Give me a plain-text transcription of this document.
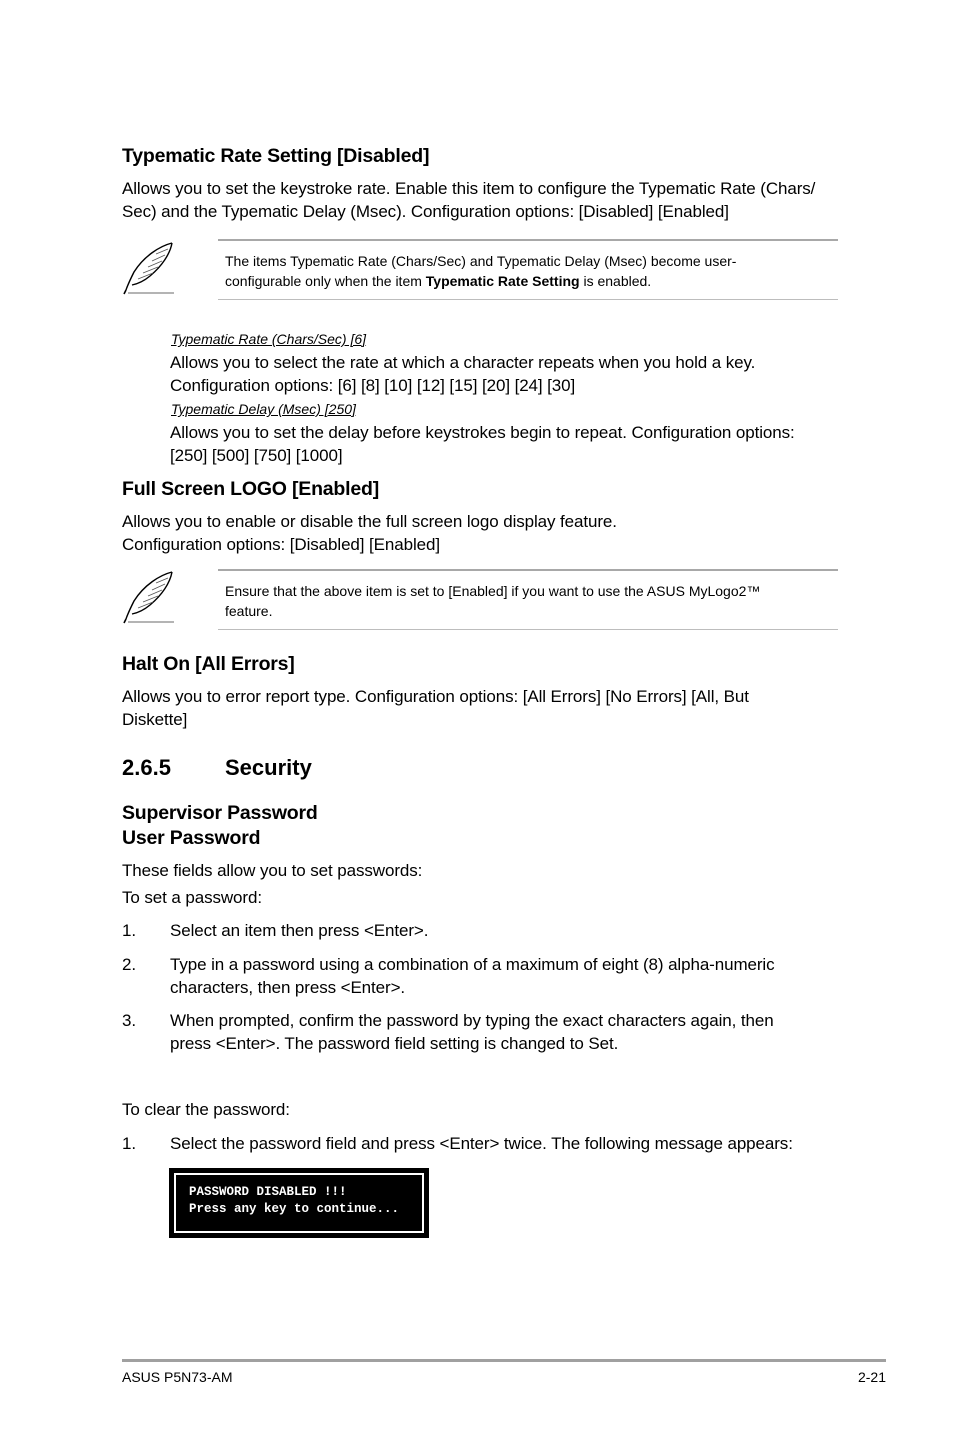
Typematic Rate Setting [Disabled]
Allows you to set the keystroke rate. Enable this item to configure the Typematic Rate (Chars/
Sec) and the Typematic Delay (Msec). Configuration options: [Disabled] [Enabled]
The items Typematic Rate (Chars/Sec) and Typematic Delay (Msec) become user-
configurable only when the item Typematic Rate Setting is enabled.
Typematic Rate (Chars/Sec) [6]
Allows you to select the rate at which a character repeats when you hold a key.
Configuration options: [6] [8] [10] [12] [15] [20] [24] [30]
Typematic Delay (Msec) [250]
Allows you to set the delay before keystrokes begin to repeat. Configuration options:
[250] [500] [750] [1000]
Full Screen LOGO [Enabled]
Allows you to enable or disable the full screen logo display feature.
Configuration options: [Disabled] [Enabled]
Ensure that the above item is set to [Enabled] if you want to use the ASUS MyLogo2™
feature.
Halt On [All Errors]
Allows you to error report type. Configuration options: [All Errors] [No Errors] [All, But
Diskette]
2.6.5 Security
Supervisor Password
User Password
These fields allow you to set passwords:
To set a password:
1. Select an item then press <Enter>.
2. Type in a password using a combination of a maximum of eight (8) alpha-numeric
characters, then press <Enter>.
3. When prompted, confirm the password by typing the exact characters again, then
press <Enter>. The password field setting is changed to Set.
To clear the password:
1. Select the password field and press <Enter> twice. The following message appears:
PASSWORD DISABLED !!!
Press any key to continue...
ASUS P5N73-AM	2-21
